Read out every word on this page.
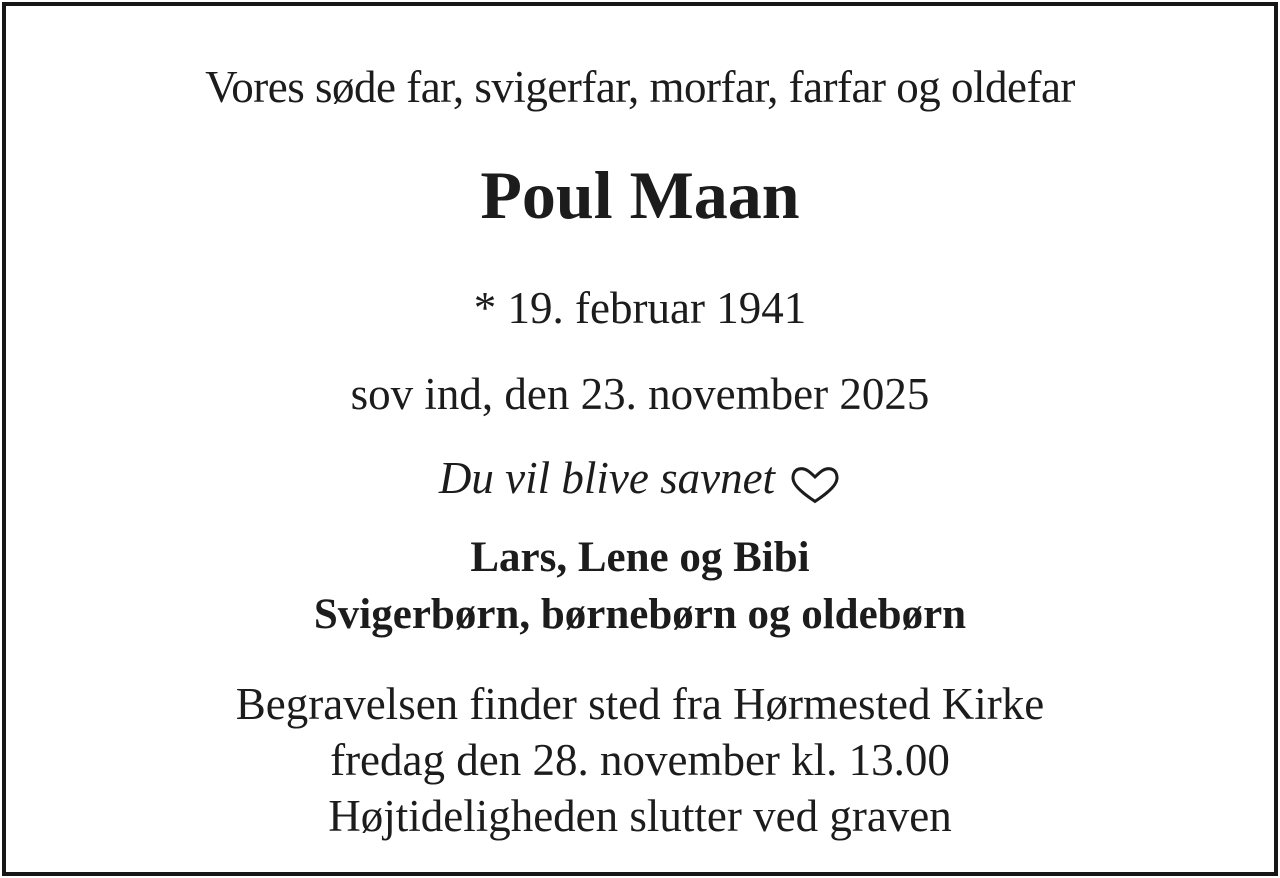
Vores søde far, svigerfar, morfar, farfar og oldefar
Poul Maan
* 19. februar 1941
sov ind, den 23. november 2025
Du vil blive savnet
Lars, Lene og Bibi
Svigerbørn, børnebørn og oldebørn
Begravelsen finder sted fra Hørmested Kirke
fredag den 28. november kl. 13.00
Højtideligheden slutter ved graven
